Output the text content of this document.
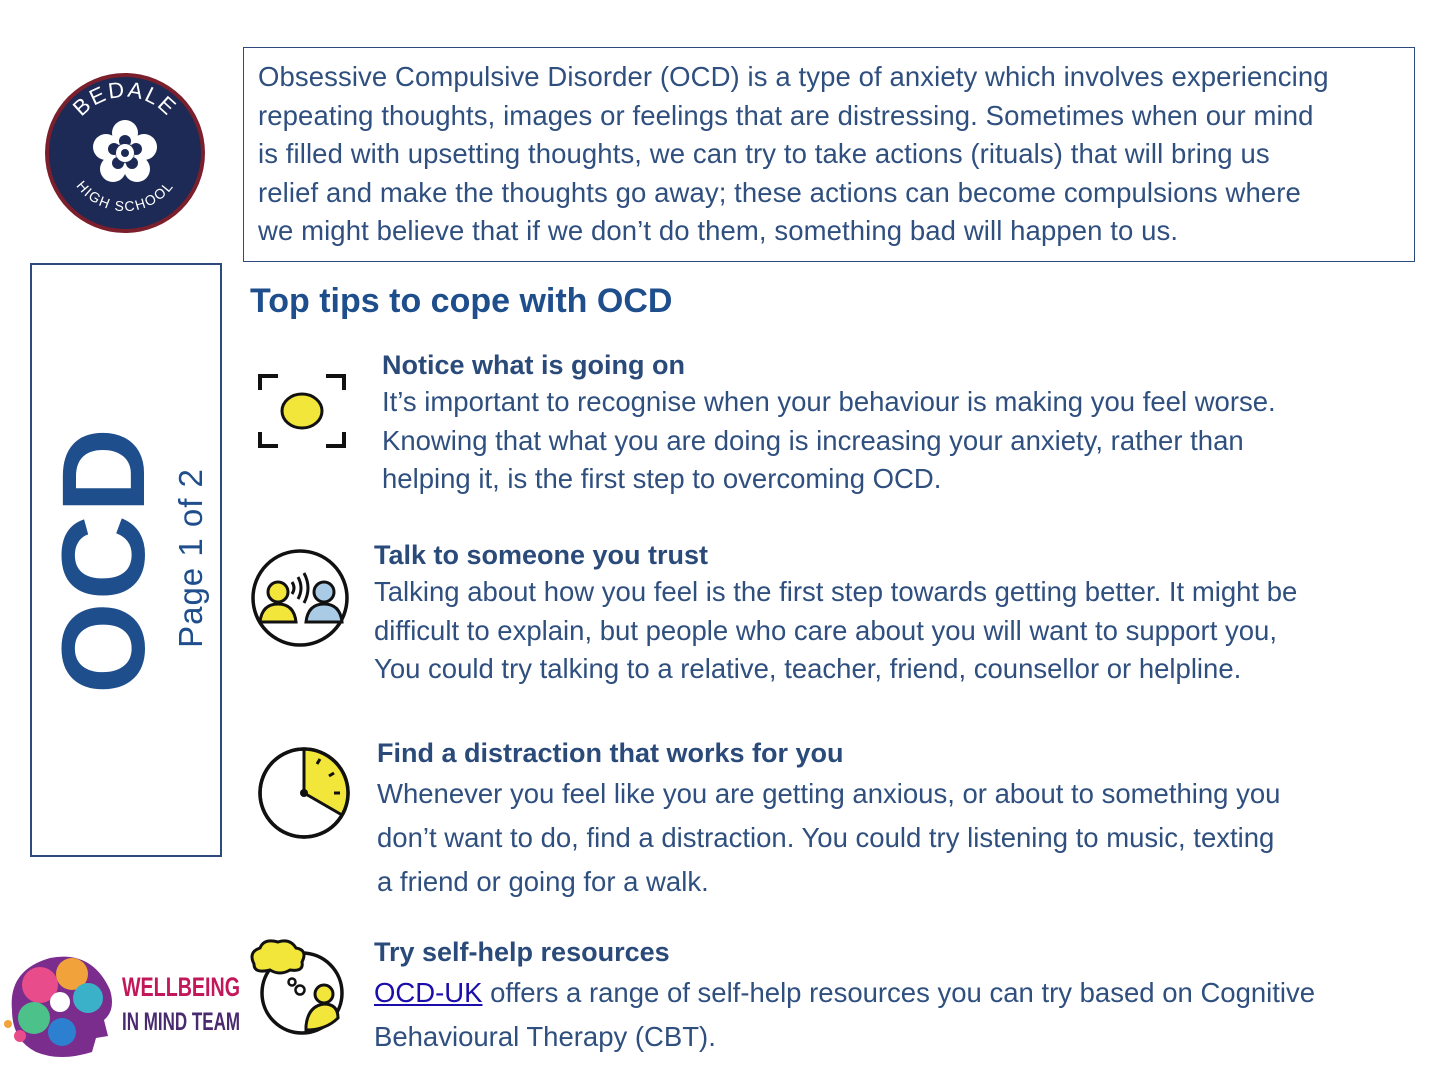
BEDALE
HIGH SCHOOL
Obsessive Compulsive Disorder (OCD) is a type of anxiety which involves experiencing
repeating thoughts, images or feelings that are distressing. Sometimes when our mind
is filled with upsetting thoughts, we can try to take actions (rituals) that will bring us
relief and make the thoughts go away; these actions can become compulsions where
we might believe that if we don’t do them, something bad will happen to us.
OCD Page 1 of 2
Top tips to cope with OCD

Notice what is going on

It’s important to recognise when your behaviour is making you feel worse.

Knowing that what you are doing is increasing your anxiety, rather than

helping it, is the first step to overcoming OCD.

Talk to someone you trust

Talking about how you feel is the first step towards getting better. It might be

difficult to explain, but people who care about you will want to support you,

You could try talking to a relative, teacher, friend, counsellor or helpline.

Find a distraction that works for you

Whenever you feel like you are getting anxious, or about to something you

don’t want to do, find a distraction. You could try listening to music, texting

a friend or going for a walk.

Try self-help resources

OCD-UK offers a range of self-help resources you can try based on Cognitive

Behavioural Therapy (CBT).

WELLBEING
IN MIND TEAM
